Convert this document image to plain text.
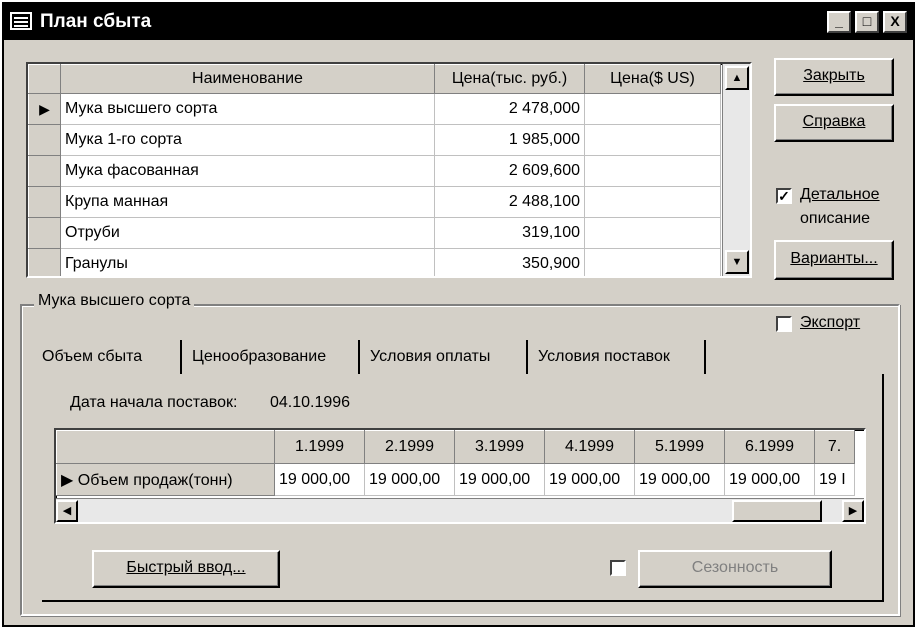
План сбыта	_	□	X
	Наименование	Цена(тыс. руб.)	Цена($ US)
▶	Мука высшего сорта	2 478,000	
	Мука 1-го сорта	1 985,000	
	Мука фасованная	2 609,600	
	Крупа манная	2 488,100	
	Отруби	319,100	
	Гранулы	350,900	
▲
▼
Закрыть
Справка
✓ Детальное
описание
Варианты...
Мука высшего сорта
Экспорт
Объем сбыта	Ценообразование	Условия оплаты	Условия поставок
Дата начала поставок: 04.10.1996
	1.1999	2.1999	3.1999	4.1999	5.1999	6.1999	7.
▶ Объем продаж(тонн)	19 000,00	19 000,00	19 000,00	19 000,00	19 000,00	19 000,00	19 I
◀	▶
Быстрый ввод...	Сезонность
